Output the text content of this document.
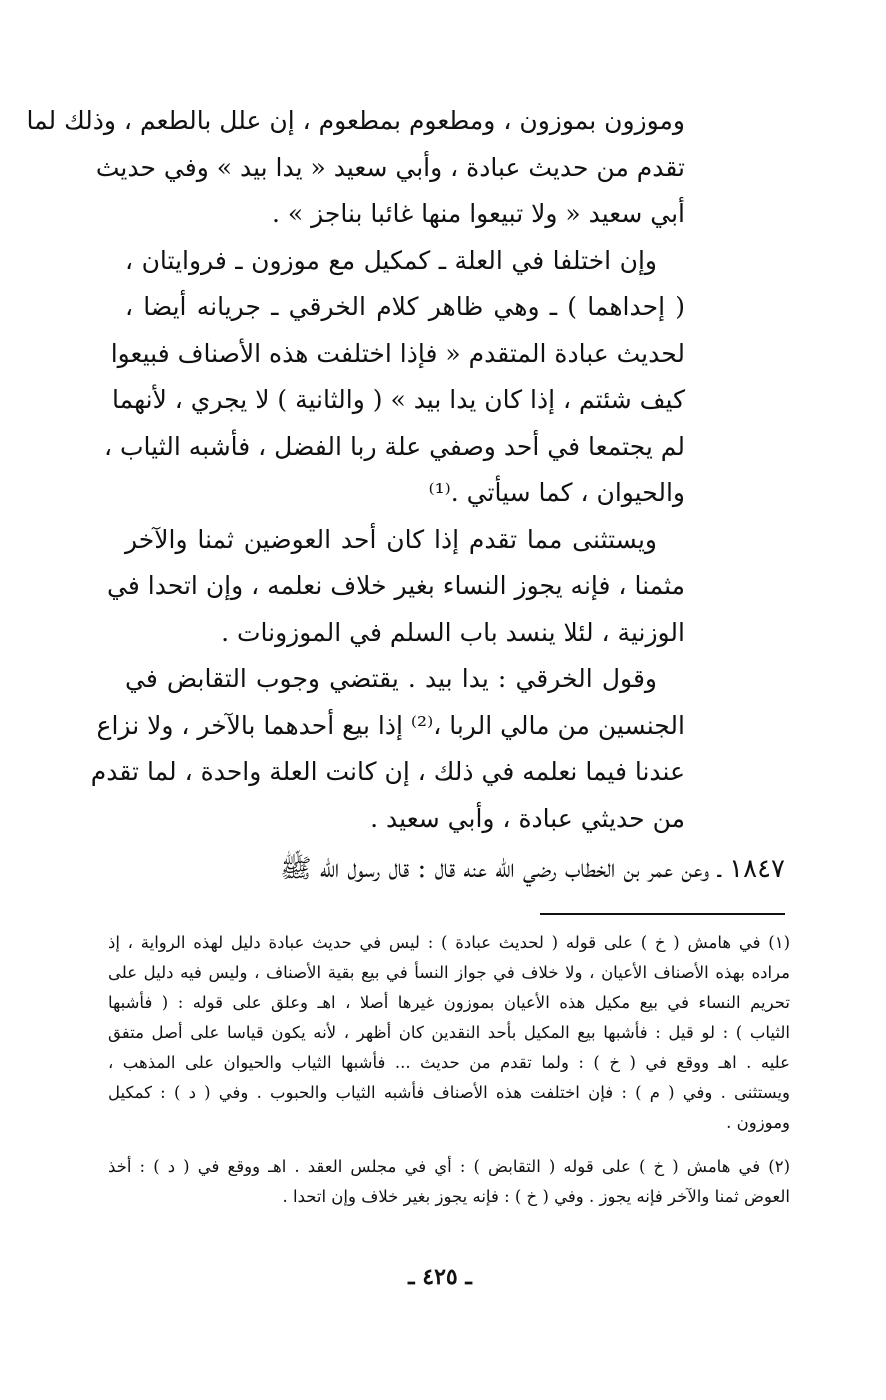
وموزون بموزون ، ومطعوم بمطعوم ، إن علل بالطعم ، وذلك لما
تقدم من حديث عبادة ، وأبي سعيد « يدا بيد » وفي حديث
أبي سعيد « ولا تبيعوا منها غائبا بناجز » .
وإن اختلفا في العلة ـ كمكيل مع موزون ـ فروايتان ،
( إحداهما ) ـ وهي ظاهر كلام الخرقي ـ جريانه أيضا ،
لحديث عبادة المتقدم « فإذا اختلفت هذه الأصناف فبيعوا
كيف شئتم ، إذا كان يدا بيد » ( والثانية ) لا يجري ، لأنهما
لم يجتمعا في أحد وصفي علة ربا الفضل ، فأشبه الثياب ،
والحيوان ، كما سيأتي .⁽¹⁾
ويستثنى مما تقدم إذا كان أحد العوضين ثمنا والآخر
مثمنا ، فإنه يجوز النساء بغير خلاف نعلمه ، وإن اتحدا في
الوزنية ، لئلا ينسد باب السلم في الموزونات .
وقول الخرقي : يدا بيد . يقتضي وجوب التقابض في
الجنسين من مالي الربا ،⁽²⁾ إذا بيع أحدهما بالآخر ، ولا نزاع
عندنا فيما نعلمه في ذلك ، إن كانت العلة واحدة ، لما تقدم
من حديثي عبادة ، وأبي سعيد .
١٨٤٧ ـ وعن عمر بن الخطاب رضي الله عنه قال : قال رسول الله ﷺ
(١) في هامش ( خ ) على قوله ( لحديث عبادة ) : ليس في حديث عبادة دليل لهذه الرواية ، إذ
مراده بهذه الأصناف الأعيان ، ولا خلاف في جواز النسأ في بيع بقية الأصناف ، وليس فيه دليل على
تحريم النساء في بيع مكيل هذه الأعيان بموزون غيرها أصلا ، اهـ وعلق على قوله : ( فأشبها
الثياب ) : لو قيل : فأشبها بيع المكيل بأحد النقدين كان أظهر ، لأنه يكون قياسا على أصل متفق
عليه . اهـ ووقع في ( خ ) : ولما تقدم من حديث ... فأشبها الثياب والحيوان على المذهب ،
ويستثنى . وفي ( م ) : فإن اختلفت هذه الأصناف فأشبه الثياب والحبوب . وفي ( د ) : كمكيل
وموزون .
(٢) في هامش ( خ ) على قوله ( التقابض ) : أي في مجلس العقد . اهـ ووقع في ( د ) : أخذ
العوض ثمنا والآخر فإنه يجوز . وفي ( خ ) : فإنه يجوز بغير خلاف وإن اتحدا .
ـ ٤٢٥ ـ
